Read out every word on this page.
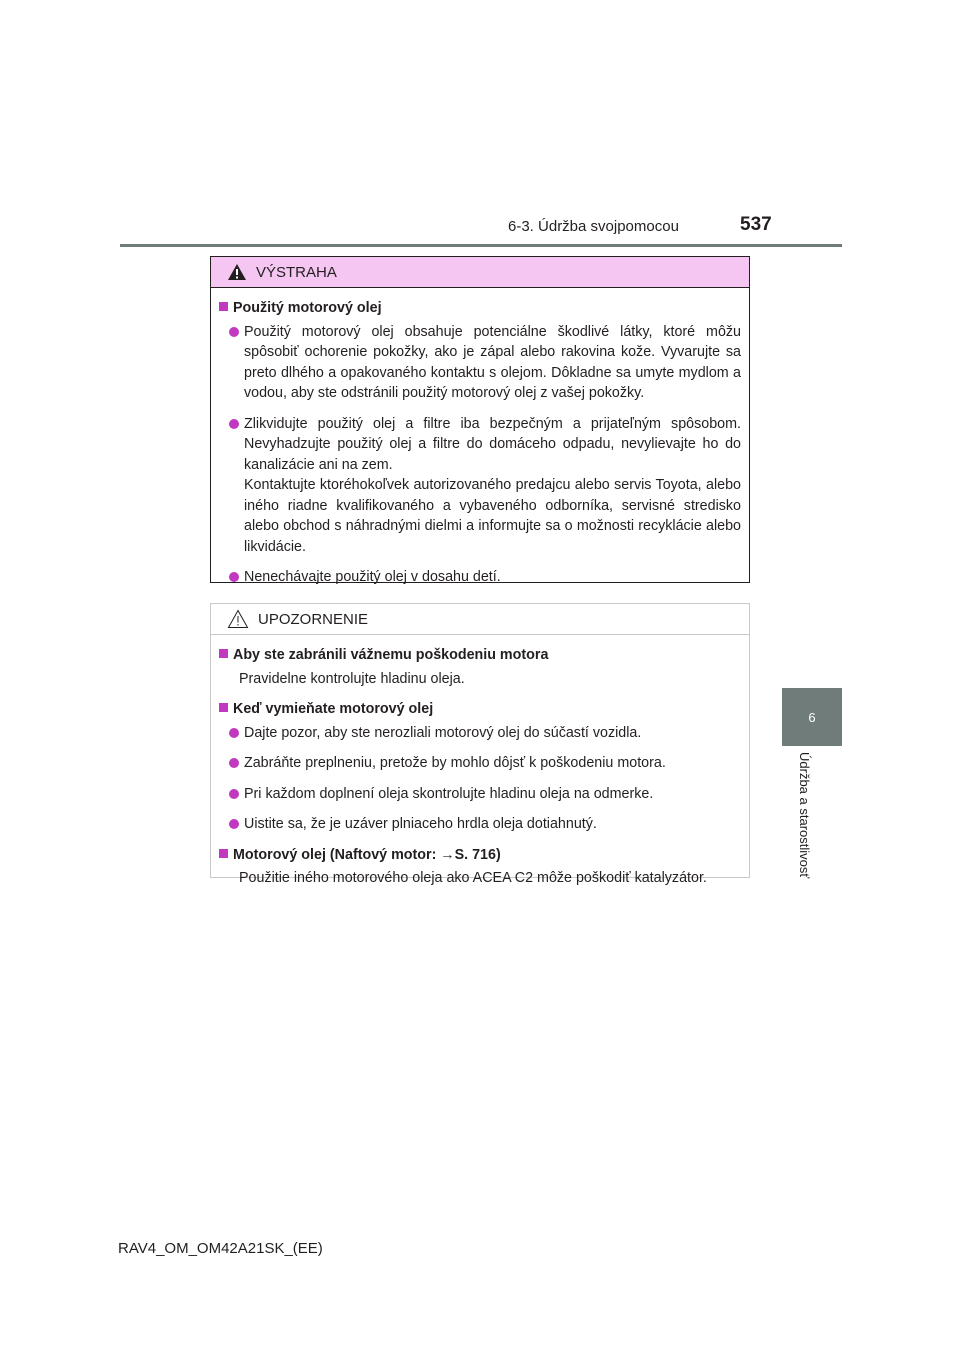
6-3. Údržba svojpomocou	537
6
Údržba a starostlivosť
VÝSTRAHA
Použitý motorový olej
Použitý motorový olej obsahuje potenciálne škodlivé látky, ktoré môžu spôsobiť ochorenie pokožky, ako je zápal alebo rakovina kože. Vyvarujte sa preto dlhého a opakovaného kontaktu s olejom. Dôkladne sa umyte mydlom a vodou, aby ste odstránili použitý motorový olej z vašej pokožky.
Zlikvidujte použitý olej a filtre iba bezpečným a prijateľným spôsobom. Nevyhadzujte použitý olej a filtre do domáceho odpadu, nevylievajte ho do kanalizácie ani na zem.
Kontaktujte ktoréhokoľvek autorizovaného predajcu alebo servis Toyota, alebo iného riadne kvalifikovaného a vybaveného odborníka, servisné stredisko alebo obchod s náhradnými dielmi a informujte sa o možnosti recyklácie alebo likvidácie.
Nenechávajte použitý olej v dosahu detí.
UPOZORNENIE
Aby ste zabránili vážnemu poškodeniu motora
Pravidelne kontrolujte hladinu oleja.
Keď vymieňate motorový olej
Dajte pozor, aby ste nerozliali motorový olej do súčastí vozidla.
Zabráňte preplneniu, pretože by mohlo dôjsť k poškodeniu motora.
Pri každom doplnení oleja skontrolujte hladinu oleja na odmerke.
Uistite sa, že je uzáver plniaceho hrdla oleja dotiahnutý.
Motorový olej (Naftový motor: →S. 716)
Použitie iného motorového oleja ako ACEA C2 môže poškodiť katalyzátor.
RAV4_OM_OM42A21SK_(EE)
